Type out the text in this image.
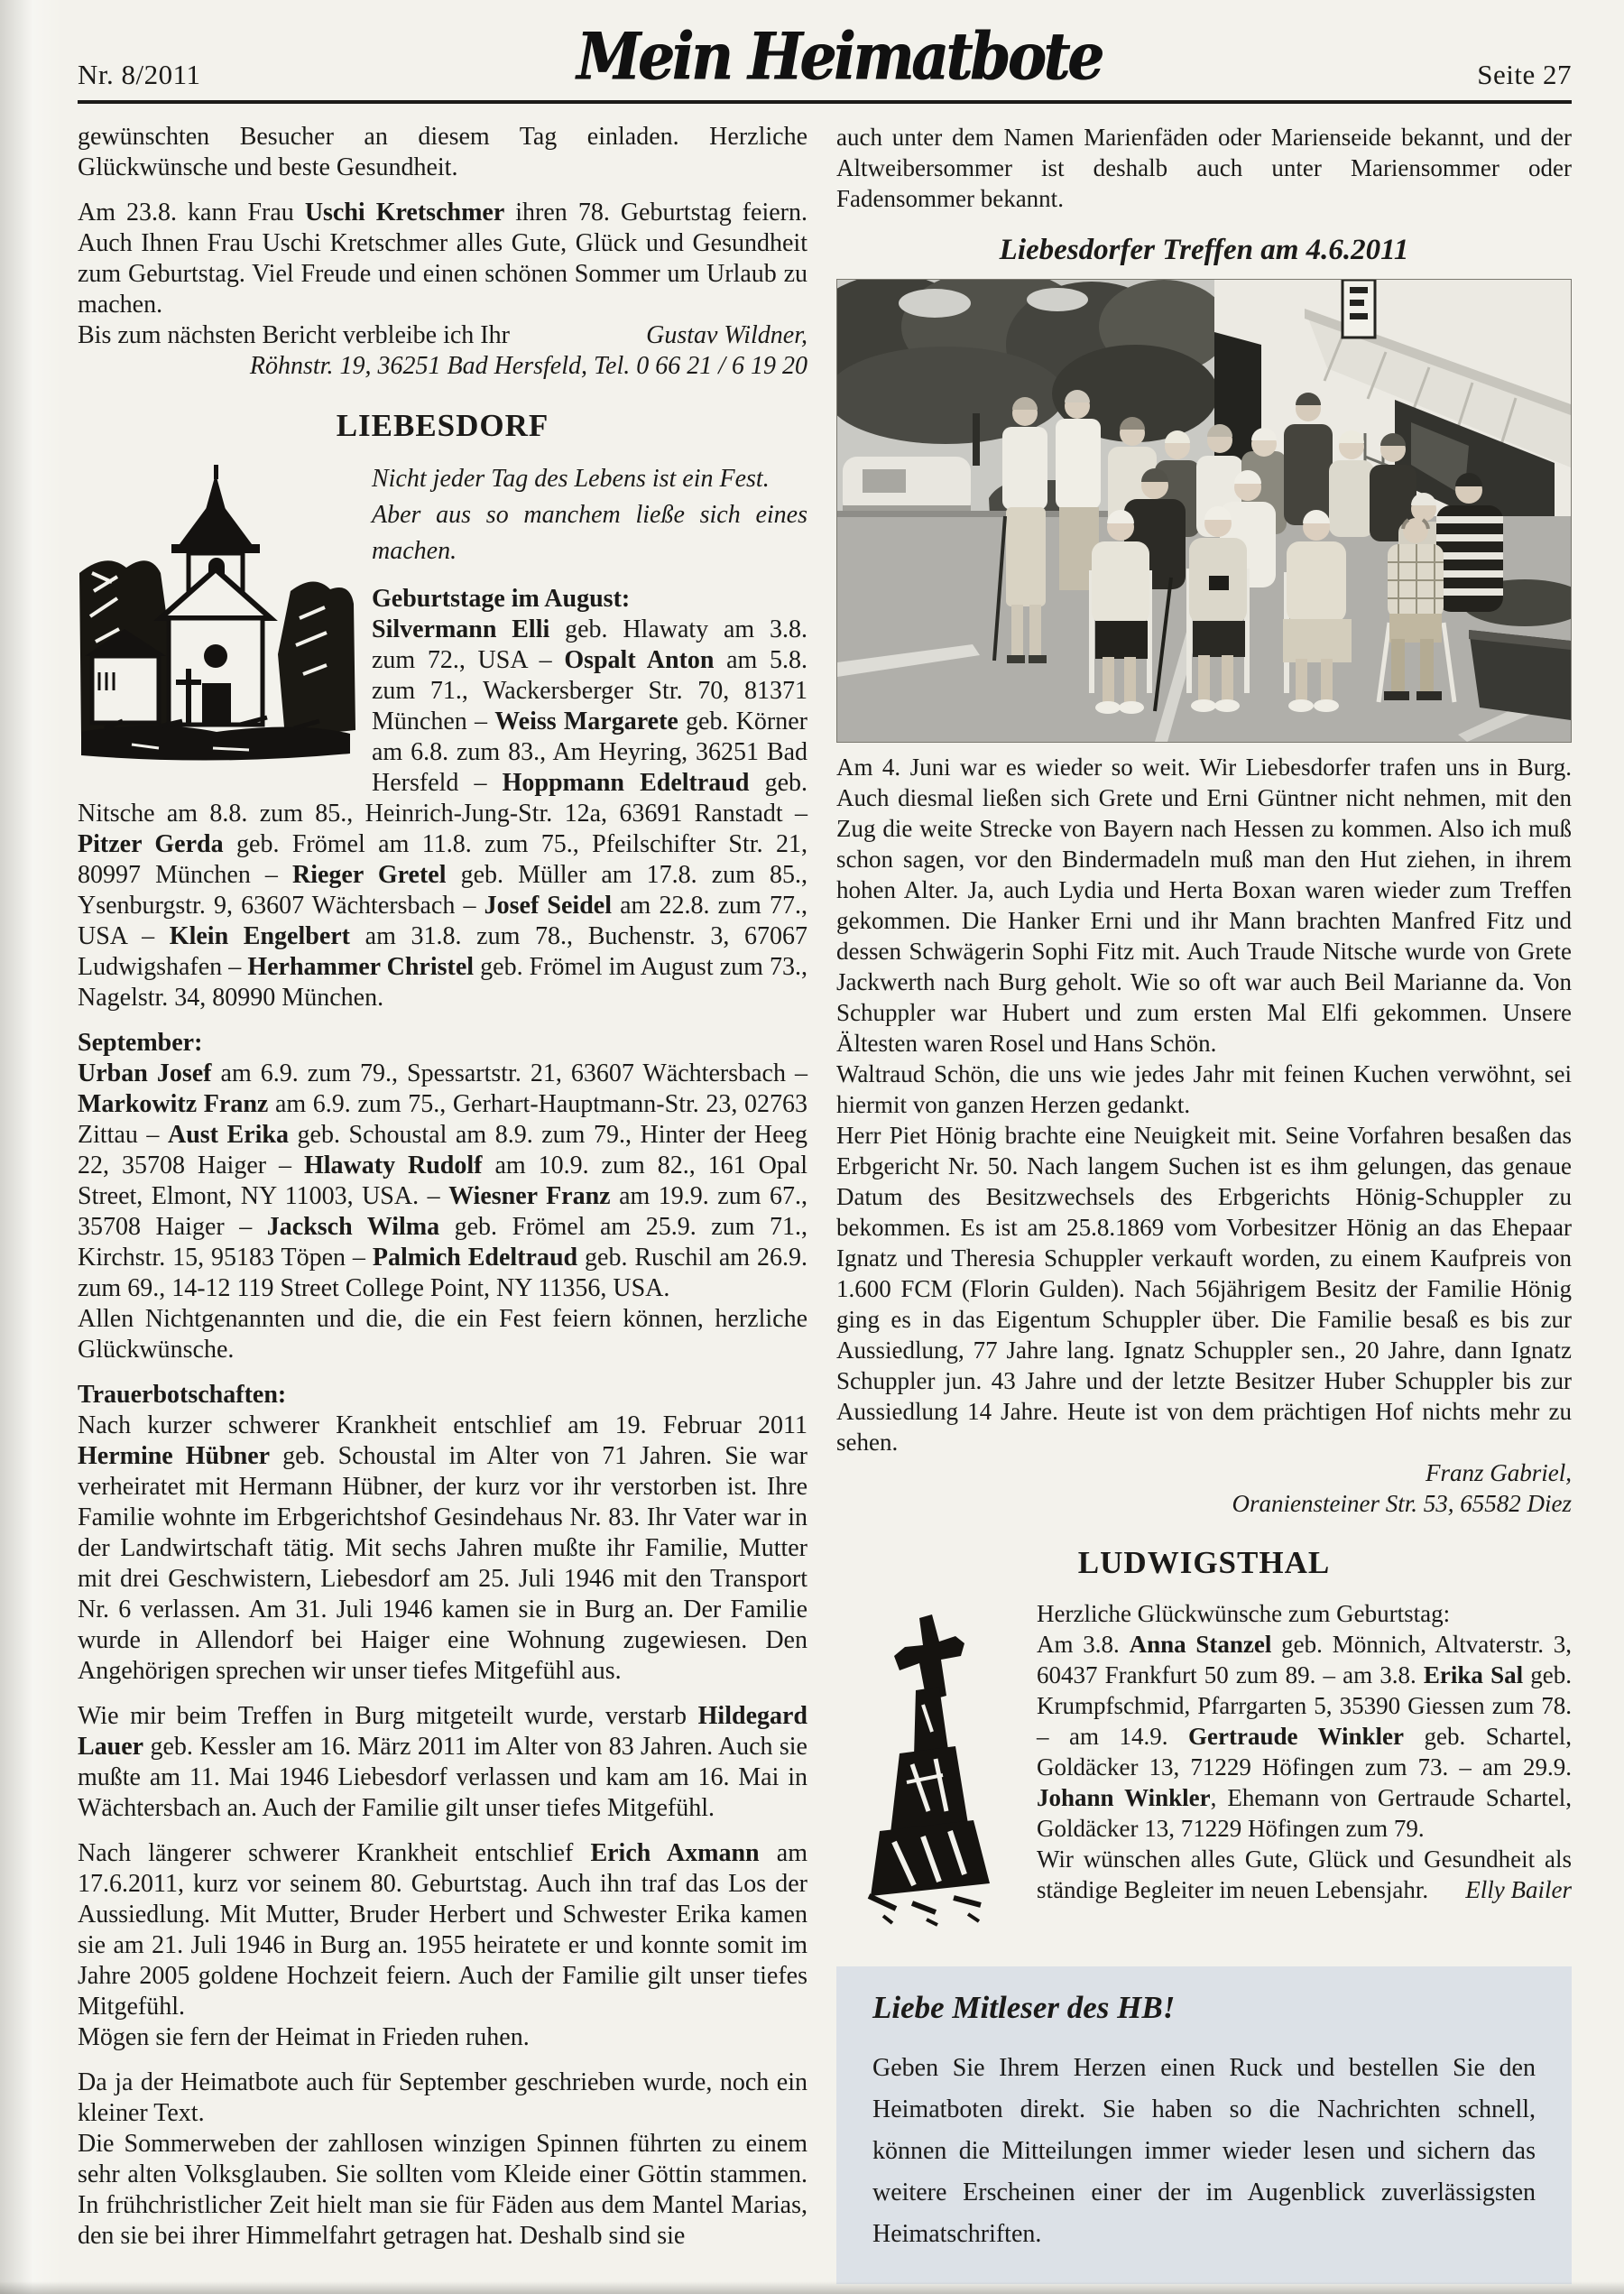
Nr. 8/2011	Mein Heimatbote	Seite 27

gewünschten Besucher an diesem Tag einladen. Herzliche Glückwünsche und beste Gesundheit.

Am 23.8. kann Frau Uschi Kretschmer ihren 78. Geburtstag feiern. Auch Ihnen Frau Uschi Kretschmer alles Gute, Glück und Gesundheit zum Geburtstag. Viel Freude und einen schönen Sommer um Urlaub zu machen.

Bis zum nächsten Bericht verbleibe ich Ihr	Gustav Wildner,
Röhnstr. 19, 36251 Bad Hersfeld, Tel. 0 66 21 / 6 19 20
LIEBESDORF

Nicht jeder Tag des Lebens ist ein Fest.
Aber aus so manchem ließe sich eines machen.

Geburtstage im August:

Silvermann Elli geb. Hlawaty am 3.8. zum 72., USA – Ospalt Anton am 5.8. zum 71., Wackersberger Str. 70, 81371 München – Weiss Margarete geb. Körner am 6.8. zum 83., Am Heyring, 36251 Bad Hersfeld – Hoppmann Edeltraud geb. Nitsche am 8.8. zum 85., Heinrich-Jung-Str. 12a, 63691 Ranstadt – Pitzer Gerda geb. Frömel am 11.8. zum 75., Pfeilschifter Str. 21, 80997 München – Rieger Gretel geb. Müller am 17.8. zum 85., Ysenburgstr. 9, 63607 Wächtersbach – Josef Seidel am 22.8. zum 77., USA – Klein Engelbert am 31.8. zum 78., Buchenstr. 3, 67067 Ludwigshafen – Herhammer Christel geb. Frömel im August zum 73., Nagelstr. 34, 80990 München.

September:

Urban Josef am 6.9. zum 79., Spessartstr. 21, 63607 Wächtersbach – Markowitz Franz am 6.9. zum 75., Gerhart-Hauptmann-Str. 23, 02763 Zittau – Aust Erika geb. Schoustal am 8.9. zum 79., Hinter der Heeg 22, 35708 Haiger – Hlawaty Rudolf am 10.9. zum 82., 161 Opal Street, Elmont, NY 11003, USA. – Wiesner Franz am 19.9. zum 67., 35708 Haiger – Jacksch Wilma geb. Frömel am 25.9. zum 71., Kirchstr. 15, 95183 Töpen – Palmich Edeltraud geb. Ruschil am 26.9. zum 69., 14-12 119 Street College Point, NY 11356, USA.

Allen Nichtgenannten und die, die ein Fest feiern können, herzliche Glückwünsche.

Trauerbotschaften:

Nach kurzer schwerer Krankheit entschlief am 19. Februar 2011 Hermine Hübner geb. Schoustal im Alter von 71 Jahren. Sie war verheiratet mit Hermann Hübner, der kurz vor ihr verstorben ist. Ihre Familie wohnte im Erbgerichtshof Gesindehaus Nr. 83. Ihr Vater war in der Landwirtschaft tätig. Mit sechs Jahren mußte ihr Familie, Mutter mit drei Geschwistern, Liebesdorf am 25. Juli 1946 mit den Transport Nr. 6 verlassen. Am 31. Juli 1946 kamen sie in Burg an. Der Familie wurde in Allendorf bei Haiger eine Wohnung zugewiesen. Den Angehörigen sprechen wir unser tiefes Mitgefühl aus.

Wie mir beim Treffen in Burg mitgeteilt wurde, verstarb Hildegard Lauer geb. Kessler am 16. März 2011 im Alter von 83 Jahren. Auch sie mußte am 11. Mai 1946 Liebesdorf verlassen und kam am 16. Mai in Wächtersbach an. Auch der Familie gilt unser tiefes Mitgefühl.

Nach längerer schwerer Krankheit entschlief Erich Axmann am 17.6.2011, kurz vor seinem 80. Geburtstag. Auch ihn traf das Los der Aussiedlung. Mit Mutter, Bruder Herbert und Schwester Erika kamen sie am 21. Juli 1946 in Burg an. 1955 heiratete er und konnte somit im Jahre 2005 goldene Hochzeit feiern. Auch der Familie gilt unser tiefes Mitgefühl.

Mögen sie fern der Heimat in Frieden ruhen.

Da ja der Heimatbote auch für September geschrieben wurde, noch ein kleiner Text.

Die Sommerweben der zahllosen winzigen Spinnen führten zu einem sehr alten Volksglauben. Sie sollten vom Kleide einer Göttin stammen. In frühchristlicher Zeit hielt man sie für Fäden aus dem Mantel Marias, den sie bei ihrer Himmelfahrt getragen hat. Deshalb sind sie

auch unter dem Namen Marienfäden oder Marienseide bekannt, und der Altweibersommer ist deshalb auch unter Mariensommer oder Fadensommer bekannt.

Liebesdorfer Treffen am 4.6.2011

Am 4. Juni war es wieder so weit. Wir Liebesdorfer trafen uns in Burg. Auch diesmal ließen sich Grete und Erni Güntner nicht nehmen, mit den Zug die weite Strecke von Bayern nach Hessen zu kommen. Also ich muß schon sagen, vor den Bindermadeln muß man den Hut ziehen, in ihrem hohen Alter. Ja, auch Lydia und Herta Boxan waren wieder zum Treffen gekommen. Die Hanker Erni und ihr Mann brachten Manfred Fitz und dessen Schwägerin Sophi Fitz mit. Auch Traude Nitsche wurde von Grete Jackwerth nach Burg geholt. Wie so oft war auch Beil Marianne da. Von Schuppler war Hubert und zum ersten Mal Elfi gekommen. Unsere Ältesten waren Rosel und Hans Schön.

Waltraud Schön, die uns wie jedes Jahr mit feinen Kuchen verwöhnt, sei hiermit von ganzen Herzen gedankt.

Herr Piet Hönig brachte eine Neuigkeit mit. Seine Vorfahren besaßen das Erbgericht Nr. 50. Nach langem Suchen ist es ihm gelungen, das genaue Datum des Besitzwechsels des Erbgerichts Hönig-Schuppler zu bekommen. Es ist am 25.8.1869 vom Vorbesitzer Hönig an das Ehepaar Ignatz und Theresia Schuppler verkauft worden, zu einem Kaufpreis von 1.600 FCM (Florin Gulden). Nach 56jährigem Besitz der Familie Hönig ging es in das Eigentum Schuppler über. Die Familie besaß es bis zur Aussiedlung, 77 Jahre lang. Ignatz Schuppler sen., 20 Jahre, dann Ignatz Schuppler jun. 43 Jahre und der letzte Besitzer Huber Schuppler bis zur Aussiedlung 14 Jahre. Heute ist von dem prächtigen Hof nichts mehr zu sehen.

Franz Gabriel,
Oraniensteiner Str. 53, 65582 Diez
LUDWIGSTHAL

Herzliche Glückwünsche zum Geburtstag:

Am 3.8. Anna Stanzel geb. Mönnich, Altvaterstr. 3, 60437 Frankfurt 50 zum 89. – am 3.8. Erika Sal geb. Krumpfschmid, Pfarrgarten 5, 35390 Giessen zum 78. – am 14.9. Gertraude Winkler geb. Schartel, Goldäcker 13, 71229 Höfingen zum 73. – am 29.9. Johann Winkler, Ehemann von Gertraude Schartel, Goldäcker 13, 71229 Höfingen zum 79.

Wir wünschen alles Gute, Glück und Gesundheit als ständige Begleiter im neuen Lebensjahr. Elly Bailer

Liebe Mitleser des HB!

Geben Sie Ihrem Herzen einen Ruck und bestellen Sie den Heimatboten direkt. Sie haben so die Nachrichten schnell, können die Mitteilungen immer wieder lesen und sichern das weitere Erscheinen einer der im Augenblick zuverlässigsten Heimatschriften.
